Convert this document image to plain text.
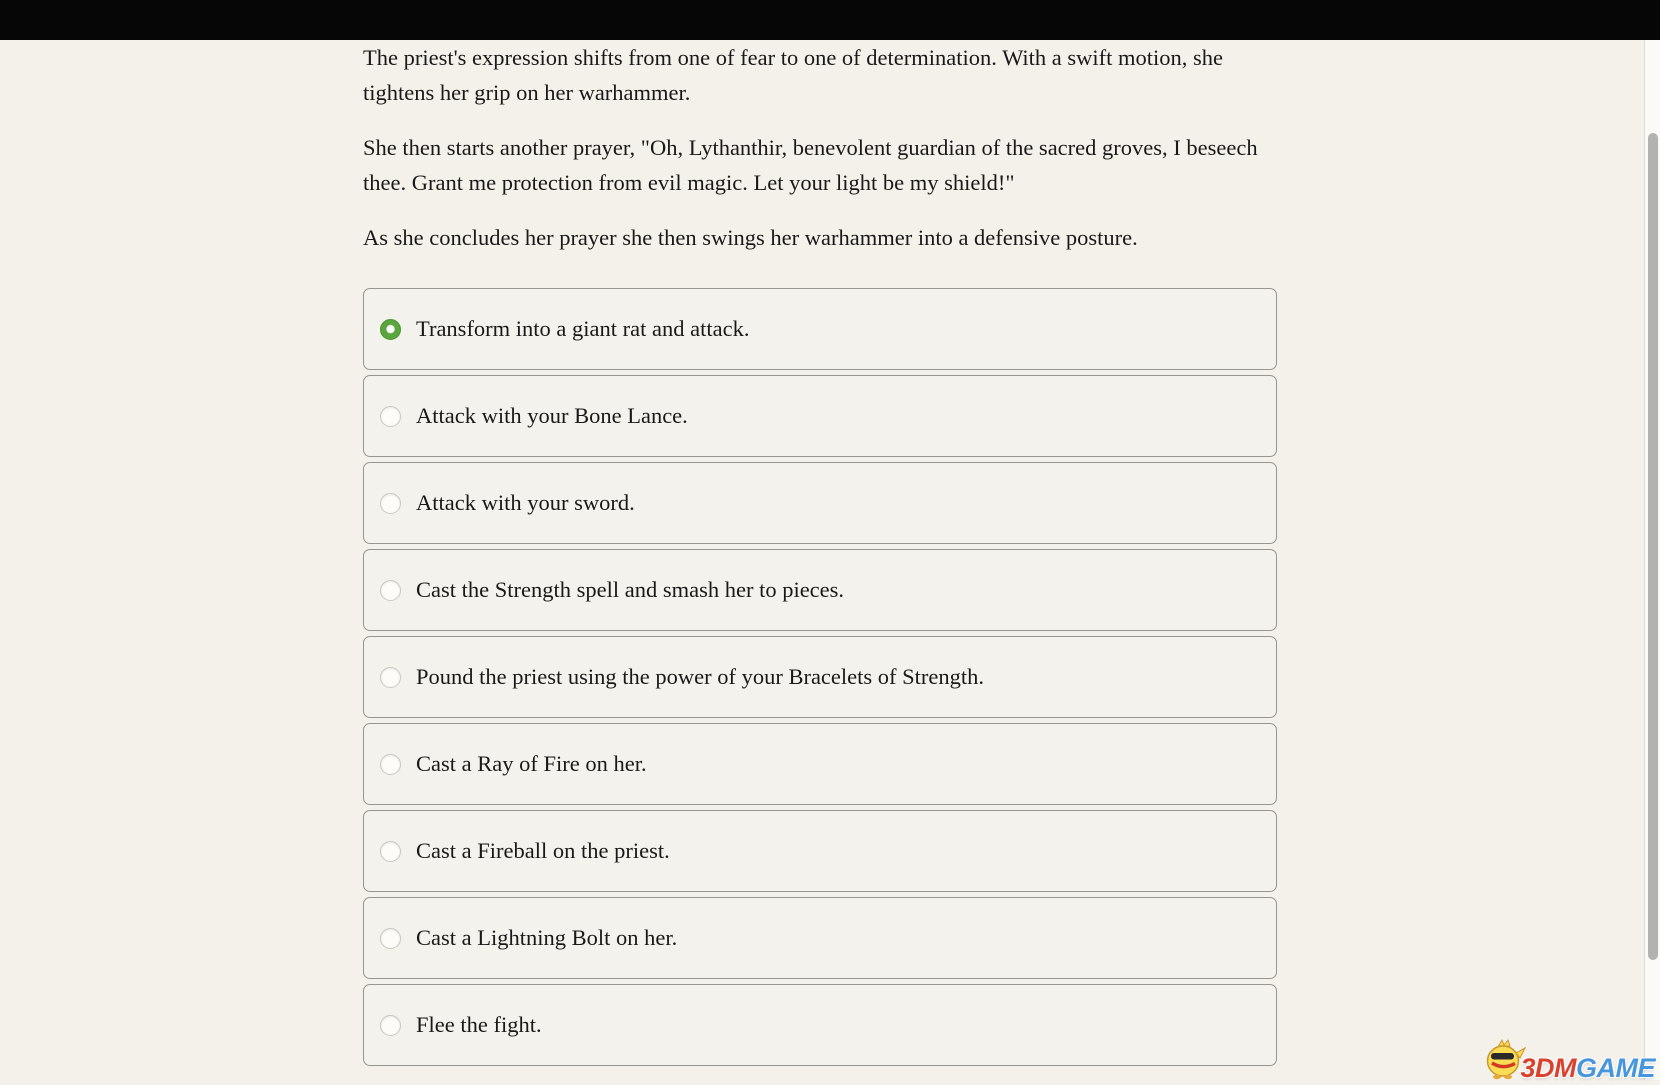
The priest's expression shifts from one of fear to one of determination. With a swift motion, she tightens her grip on her warhammer.

She then starts another prayer, "Oh, Lythanthir, benevolent guardian of the sacred groves, I beseech thee. Grant me protection from evil magic. Let your light be my shield!"

As she concludes her prayer she then swings her warhammer into a defensive posture.

Transform into a giant rat and attack.
Attack with your Bone Lance.
Attack with your sword.
Cast the Strength spell and smash her to pieces.
Pound the priest using the power of your Bracelets of Strength.
Cast a Ray of Fire on her.
Cast a Fireball on the priest.
Cast a Lightning Bolt on her.
Flee the fight.
3DM GAME
